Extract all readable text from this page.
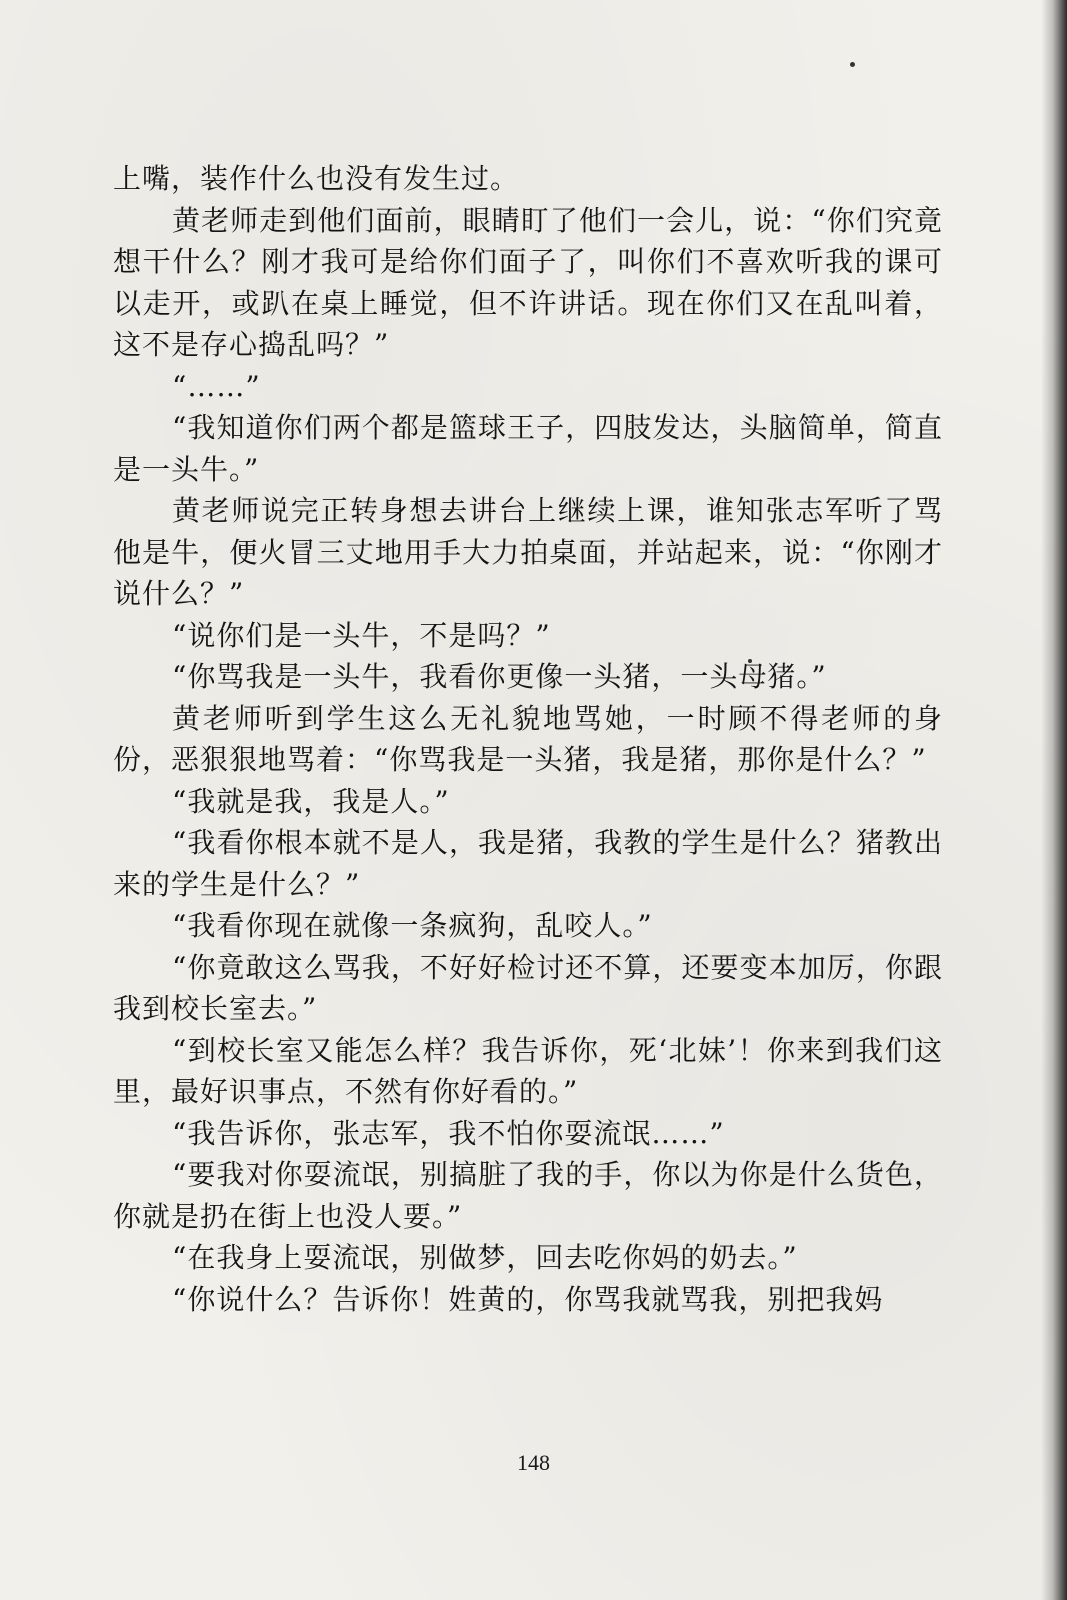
上嘴，装作什么也没有发生过。

黄老师走到他们面前，眼睛盯了他们一会儿，说：“你们究竟想干什么？刚才我可是给你们面子了，叫你们不喜欢听我的课可以走开，或趴在桌上睡觉，但不许讲话。现在你们又在乱叫着，这不是存心捣乱吗？”

“……”

“我知道你们两个都是篮球王子，四肢发达，头脑简单，简直是一头牛。”

黄老师说完正转身想去讲台上继续上课，谁知张志军听了骂他是牛，便火冒三丈地用手大力拍桌面，并站起来，说：“你刚才说什么？”

“说你们是一头牛，不是吗？”

“你骂我是一头牛，我看你更像一头猪，一头母猪。”

黄老师听到学生这么无礼貌地骂她，一时顾不得老师的身份，恶狠狠地骂着：“你骂我是一头猪，我是猪，那你是什么？”

“我就是我，我是人。”

“我看你根本就不是人，我是猪，我教的学生是什么？猪教出来的学生是什么？”

“我看你现在就像一条疯狗，乱咬人。”

“你竟敢这么骂我，不好好检讨还不算，还要变本加厉，你跟我到校长室去。”

“到校长室又能怎么样？我告诉你，死‘北妹’！你来到我们这里，最好识事点，不然有你好看的。”

“我告诉你，张志军，我不怕你耍流氓……”

“要我对你耍流氓，别搞脏了我的手，你以为你是什么货色，你就是扔在街上也没人要。”

“在我身上耍流氓，别做梦，回去吃你妈的奶去。”

“你说什么？告诉你！姓黄的，你骂我就骂我，别把我妈

148
